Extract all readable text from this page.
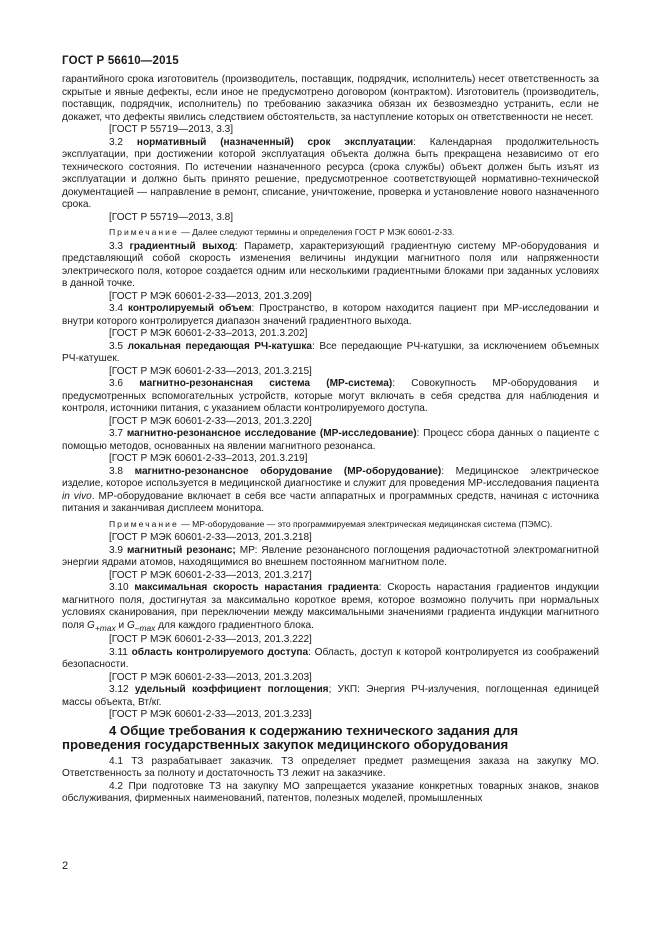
ГОСТ Р 56610—2015

гарантийного срока изготовитель (производитель, поставщик, подрядчик, исполнитель) несет ответственность за скрытые и явные дефекты, если иное не предусмотрено договором (контрактом). Изготовитель (производитель, поставщик, подрядчик, исполнитель) по требованию заказчика обязан их безвозмездно устранить, если не докажет, что дефекты явились следствием обстоятельств, за наступление которых он ответственности не несет.

[ГОСТ Р 55719—2013, 3.3]

3.2 нормативный (назначенный) срок эксплуатации: Календарная продолжительность эксплуатации, при достижении которой эксплуатация объекта должна быть прекращена независимо от его технического состояния. По истечении назначенного ресурса (срока службы) объект должен быть изъят из эксплуатации и должно быть принято решение, предусмотренное соответствующей нормативно-технической документацией — направление в ремонт, списание, уничтожение, проверка и установление нового назначенного срока.

[ГОСТ Р 55719—2013, 3.8]

Примечание — Далее следуют термины и определения ГОСТ Р МЭК 60601-2-33.

3.3 градиентный выход: Параметр, характеризующий градиентную систему МР-оборудования и представляющий собой скорость изменения величины индукции магнитного поля или напряженности электрического поля, которое создается одним или несколькими градиентными блоками при заданных условиях в данной точке.

[ГОСТ Р МЭК 60601-2-33—2013, 201.3.209]

3.4 контролируемый объем: Пространство, в котором находится пациент при МР-исследовании и внутри которого контролируется диапазон значений градиентного выхода.

[ГОСТ Р МЭК 60601-2-33–2013, 201.3.202]

3.5 локальная передающая РЧ-катушка: Все передающие РЧ-катушки, за исключением объемных РЧ-катушек.

[ГОСТ Р МЭК 60601-2-33—2013, 201.3.215]

3.6 магнитно-резонансная система (МР-система): Совокупность МР-оборудования и предусмотренных вспомогательных устройств, которые могут включать в себя средства для наблюдения и контроля, источники питания, с указанием области контролируемого доступа.

[ГОСТ Р МЭК 60601-2-33—2013, 201.3.220]

3.7 магнитно-резонансное исследование (МР-исследование): Процесс сбора данных о пациенте с помощью методов, основанных на явлении магнитного резонанса.

[ГОСТ Р МЭК 60601-2-33–2013, 201.3.219]

3.8 магнитно-резонансное оборудование (МР-оборудование): Медицинское электрическое изделие, которое используется в медицинской диагностике и служит для проведения МР-исследования пациента in vivo. МР-оборудование включает в себя все части аппаратных и программных средств, начиная с источника питания и заканчивая дисплеем монитора.

Примечание — МР-оборудование — это программируемая электрическая медицинская система (ПЭМС).

[ГОСТ Р МЭК 60601-2-33—2013, 201.3.218]

3.9 магнитный резонанс; МР: Явление резонансного поглощения радиочастотной электромагнитной энергии ядрами атомов, находящимися во внешнем постоянном магнитном поле.

[ГОСТ Р МЭК 60601-2-33—2013, 201.3.217]

3.10 максимальная скорость нарастания градиента: Скорость нарастания градиентов индукции магнитного поля, достигнутая за максимально короткое время, которое возможно получить при нормальных условиях сканирования, при переключении между максимальными значениями градиента индукции магнитного поля $G_{+max}$ и $G_{-max}$ для каждого градиентного блока.

[ГОСТ Р МЭК 60601-2-33—2013, 201.3.222]

3.11 область контролируемого доступа: Область, доступ к которой контролируется из соображений безопасности.

[ГОСТ Р МЭК 60601-2-33—2013, 201.3.203]

3.12 удельный коэффициент поглощения; УКП: Энергия РЧ-излучения, поглощенная единицей массы объекта, Вт/кг.

[ГОСТ Р МЭК 60601-2-33—2013, 201.3.233]

4 Общие требования к содержанию технического задания для проведения государственных закупок медицинского оборудования

4.1 ТЗ разрабатывает заказчик. ТЗ определяет предмет размещения заказа на закупку МО. Ответственность за полноту и достаточность ТЗ лежит на заказчике.

4.2 При подготовке ТЗ на закупку МО запрещается указание конкретных товарных знаков, знаков обслуживания, фирменных наименований, патентов, полезных моделей, промышленных

2
